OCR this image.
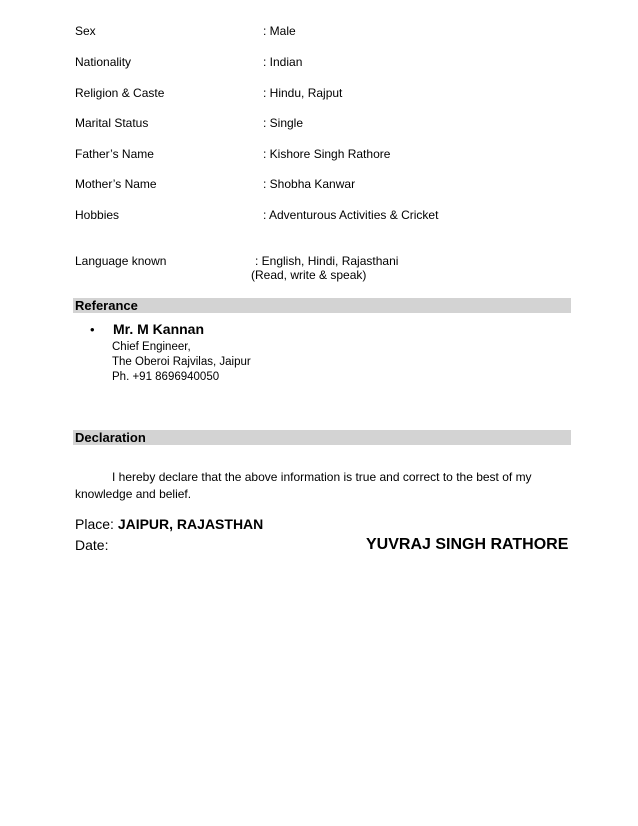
Sex	: Male
Nationality	: Indian
Religion & Caste	: Hindu, Rajput
Marital Status	: Single
Father’s Name	: Kishore Singh Rathore
Mother’s Name	: Shobha Kanwar
Hobbies	: Adventurous Activities & Cricket
Language known	: English, Hindi, Rajasthani
(Read, write & speak)
Referance
• Mr. M Kannan
Chief Engineer,
The Oberoi Rajvilas, Jaipur
Ph. +91 8696940050
Declaration
I hereby declare that the above information is true and correct to the best of my
knowledge and belief.
Place: JAIPUR, RAJASTHAN
Date:	YUVRAJ SINGH RATHORE
